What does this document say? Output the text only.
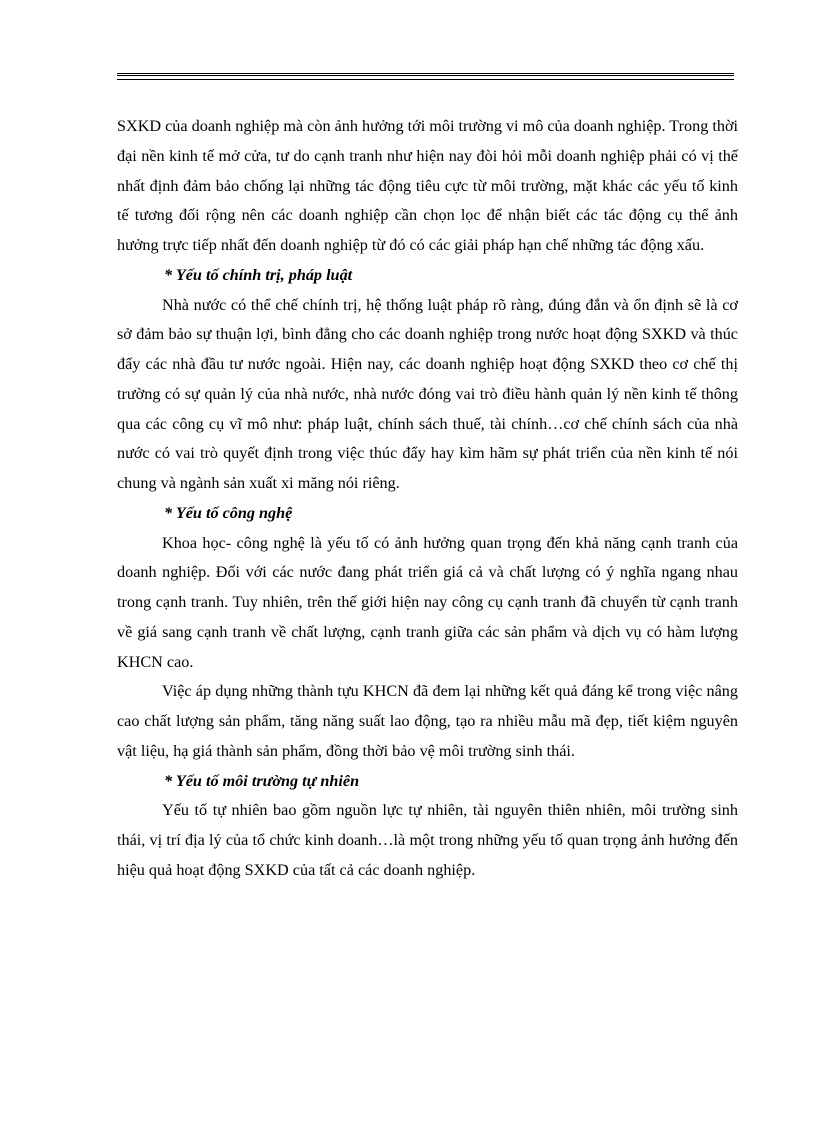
SXKD của doanh nghiệp mà còn ảnh hưởng tới môi trường vi mô của doanh nghiệp. Trong thời đại nền kinh tế mở cửa, tư do cạnh tranh như hiện nay đòi hỏi mỗi doanh nghiệp phải có vị thế nhất định đảm bảo chống lại những tác động tiêu cực từ môi trường, mặt khác các yếu tố kinh tế tương đối rộng nên các doanh nghiệp cần chọn lọc để nhận biết các tác động cụ thể ảnh hưởng trực tiếp nhất đến doanh nghiệp từ đó có các giải pháp hạn chế những tác động xấu.

* Yếu tố chính trị, pháp luật

Nhà nước có thể chế chính trị, hệ thống luật pháp rõ ràng, đúng đắn và ổn định sẽ là cơ sở đảm bảo sự thuận lợi, bình đẳng cho các doanh nghiệp trong nước hoạt động SXKD và thúc đẩy các nhà đầu tư nước ngoài. Hiện nay, các doanh nghiệp hoạt động SXKD theo cơ chế thị trường có sự quản lý của nhà nước, nhà nước đóng vai trò điều hành quản lý nền kinh tế thông qua các công cụ vĩ mô như: pháp luật, chính sách thuế, tài chính…cơ chế chính sách của nhà nước có vai trò quyết định trong việc thúc đẩy hay kìm hãm sự phát triển của nền kinh tế nói chung và ngành sản xuất xi măng nói riêng.

* Yếu tố công nghệ

Khoa học- công nghệ là yếu tố có ảnh hưởng quan trọng đến khả năng cạnh tranh của doanh nghiệp. Đối với các nước đang phát triển giá cả và chất lượng có ý nghĩa ngang nhau trong cạnh tranh. Tuy nhiên, trên thế giới hiện nay công cụ cạnh tranh đã chuyển từ cạnh tranh về giá sang cạnh tranh về chất lượng, cạnh tranh giữa các sản phẩm và dịch vụ có hàm lượng KHCN cao.

Việc áp dụng những thành tựu KHCN đã đem lại những kết quả đáng kể trong việc nâng cao chất lượng sản phẩm, tăng năng suất lao động, tạo ra nhiều mẫu mã đẹp, tiết kiệm nguyên vật liệu, hạ giá thành sản phẩm, đồng thời bảo vệ môi trường sinh thái.

* Yếu tố môi trường tự nhiên

Yếu tố tự nhiên bao gồm nguồn lực tự nhiên, tài nguyên thiên nhiên, môi trường sinh thái, vị trí địa lý của tổ chức kinh doanh…là một trong những yếu tố quan trọng ảnh hưởng đến hiệu quả hoạt động SXKD của tất cả các doanh nghiệp.
